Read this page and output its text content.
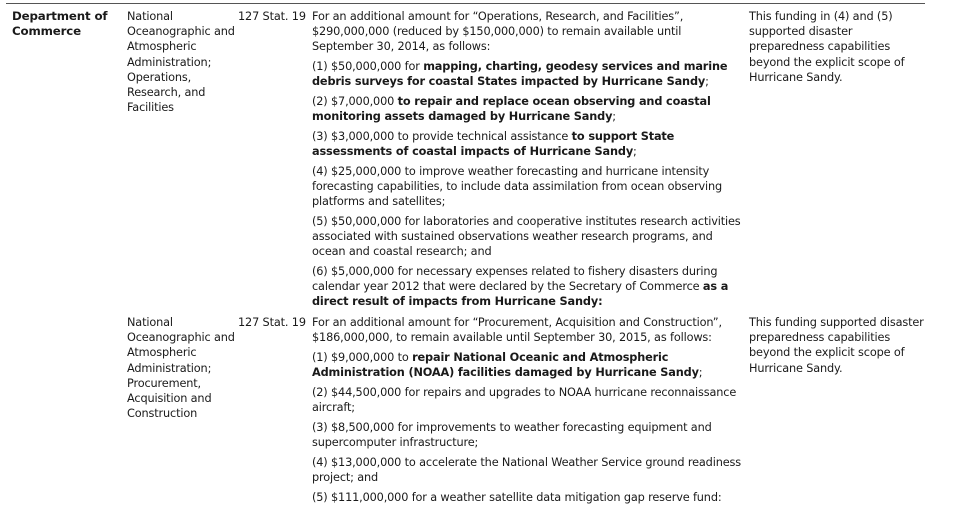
Department of Commerce
National Oceanographic and Atmospheric Administration; Operations, Research, and Facilities
127 Stat. 19 For an additional amount for “Operations, Research, and Facilities”, $290,000,000 (reduced by $150,000,000) to remain available until September 30, 2014, as follows:

(1) $50,000,000 for mapping, charting, geodesy services and marine debris surveys for coastal States impacted by Hurricane Sandy;

(2) $7,000,000 to repair and replace ocean observing and coastal monitoring assets damaged by Hurricane Sandy;

(3) $3,000,000 to provide technical assistance to support State assessments of coastal impacts of Hurricane Sandy;

(4) $25,000,000 to improve weather forecasting and hurricane intensity forecasting capabilities, to include data assimilation from ocean observing platforms and satellites;

(5) $50,000,000 for laboratories and cooperative institutes research activities associated with sustained observations weather research programs, and ocean and coastal research; and

(6) $5,000,000 for necessary expenses related to fishery disasters during calendar year 2012 that were declared by the Secretary of Commerce as a direct result of impacts from Hurricane Sandy:

This funding in (4) and (5) supported disaster preparedness capabilities beyond the explicit scope of Hurricane Sandy.
National Oceanographic and Atmospheric Administration; Procurement, Acquisition and Construction
127 Stat. 19 For an additional amount for “Procurement, Acquisition and Construction”, $186,000,000, to remain available until September 30, 2015, as follows:

(1) $9,000,000 to repair National Oceanic and Atmospheric Administration (NOAA) facilities damaged by Hurricane Sandy;

(2) $44,500,000 for repairs and upgrades to NOAA hurricane reconnaissance aircraft;

(3) $8,500,000 for improvements to weather forecasting equipment and supercomputer infrastructure;

(4) $13,000,000 to accelerate the National Weather Service ground readiness project; and

(5) $111,000,000 for a weather satellite data mitigation gap reserve fund:

This funding supported disaster preparedness capabilities beyond the explicit scope of Hurricane Sandy.
